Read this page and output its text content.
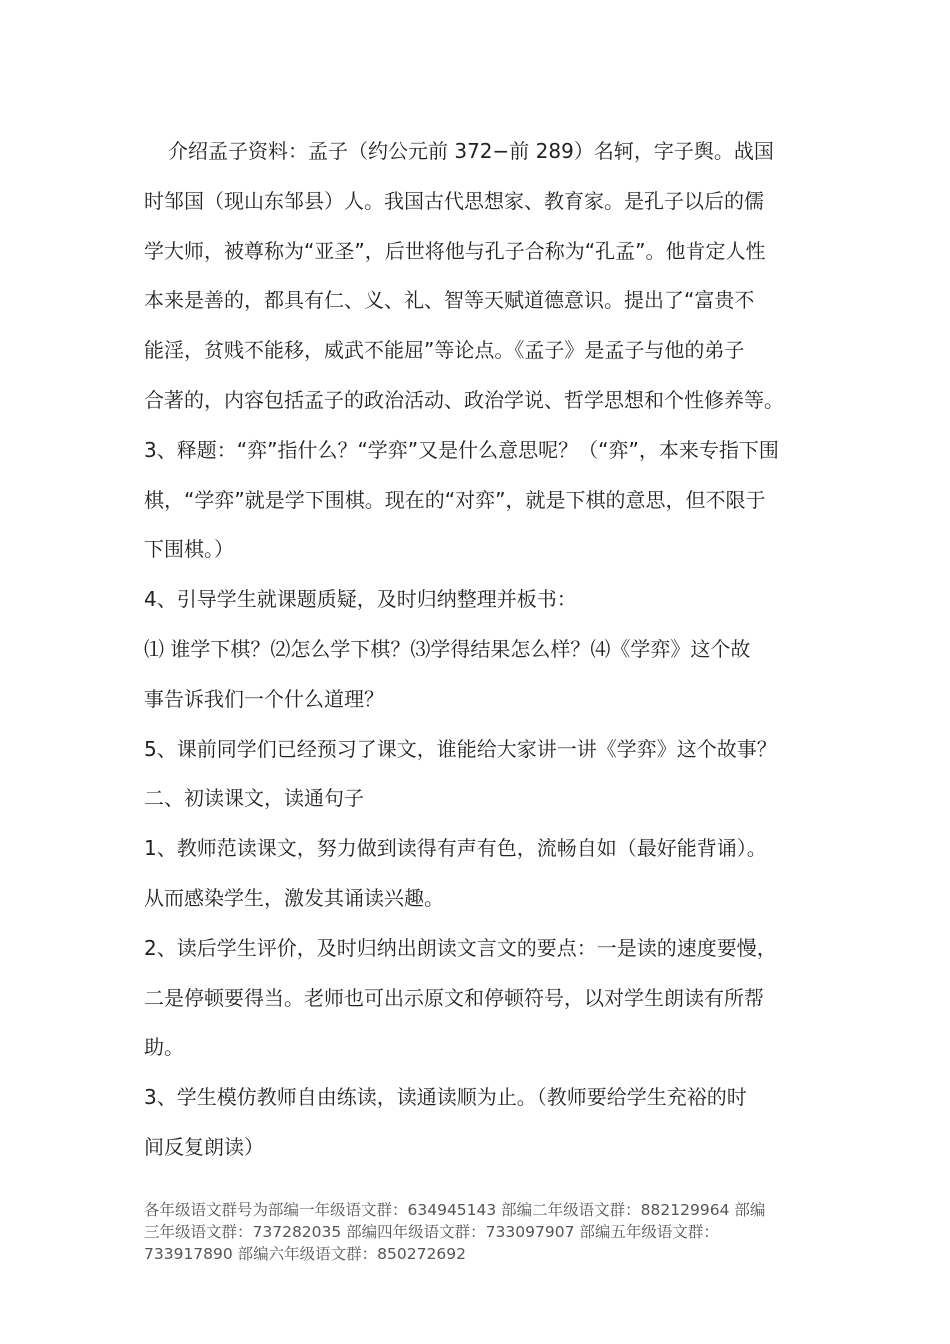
介绍孟子资料：孟子（约公元前 372−前 289）名轲，字子舆。战国

时邹国（现山东邹县）人。我国古代思想家、教育家。是孔子以后的儒

学大师，被尊称为“亚圣”，后世将他与孔子合称为“孔孟”。他肯定人性

本来是善的，都具有仁、义、礼、智等天赋道德意识。提出了“富贵不

能淫，贫贱不能移，威武不能屈”等论点。《孟子》是孟子与他的弟子

合著的，内容包括孟子的政治活动、政治学说、哲学思想和个性修养等。

3、释题：“弈”指什么？“学弈”又是什么意思呢？（“弈”，本来专指下围

棋，“学弈”就是学下围棋。现在的“对弈”，就是下棋的意思，但不限于

下围棋。）

4、引导学生就课题质疑，及时归纳整理并板书：

⑴ 谁学下棋？⑵怎么学下棋？⑶学得结果怎么样？⑷《学弈》这个故

事告诉我们一个什么道理？

5、课前同学们已经预习了课文，谁能给大家讲一讲《学弈》这个故事？

二、初读课文，读通句子

1、教师范读课文，努力做到读得有声有色，流畅自如（最好能背诵）。

从而感染学生，激发其诵读兴趣。

2、读后学生评价，及时归纳出朗读文言文的要点：一是读的速度要慢，

二是停顿要得当。老师也可出示原文和停顿符号，以对学生朗读有所帮

助。

3、学生模仿教师自由练读，读通读顺为止。（教师要给学生充裕的时

间反复朗读）

各年级语文群号为部编一年级语文群：634945143 部编二年级语文群：882129964 部编

三年级语文群：737282035 部编四年级语文群：733097907 部编五年级语文群：

733917890 部编六年级语文群：850272692
